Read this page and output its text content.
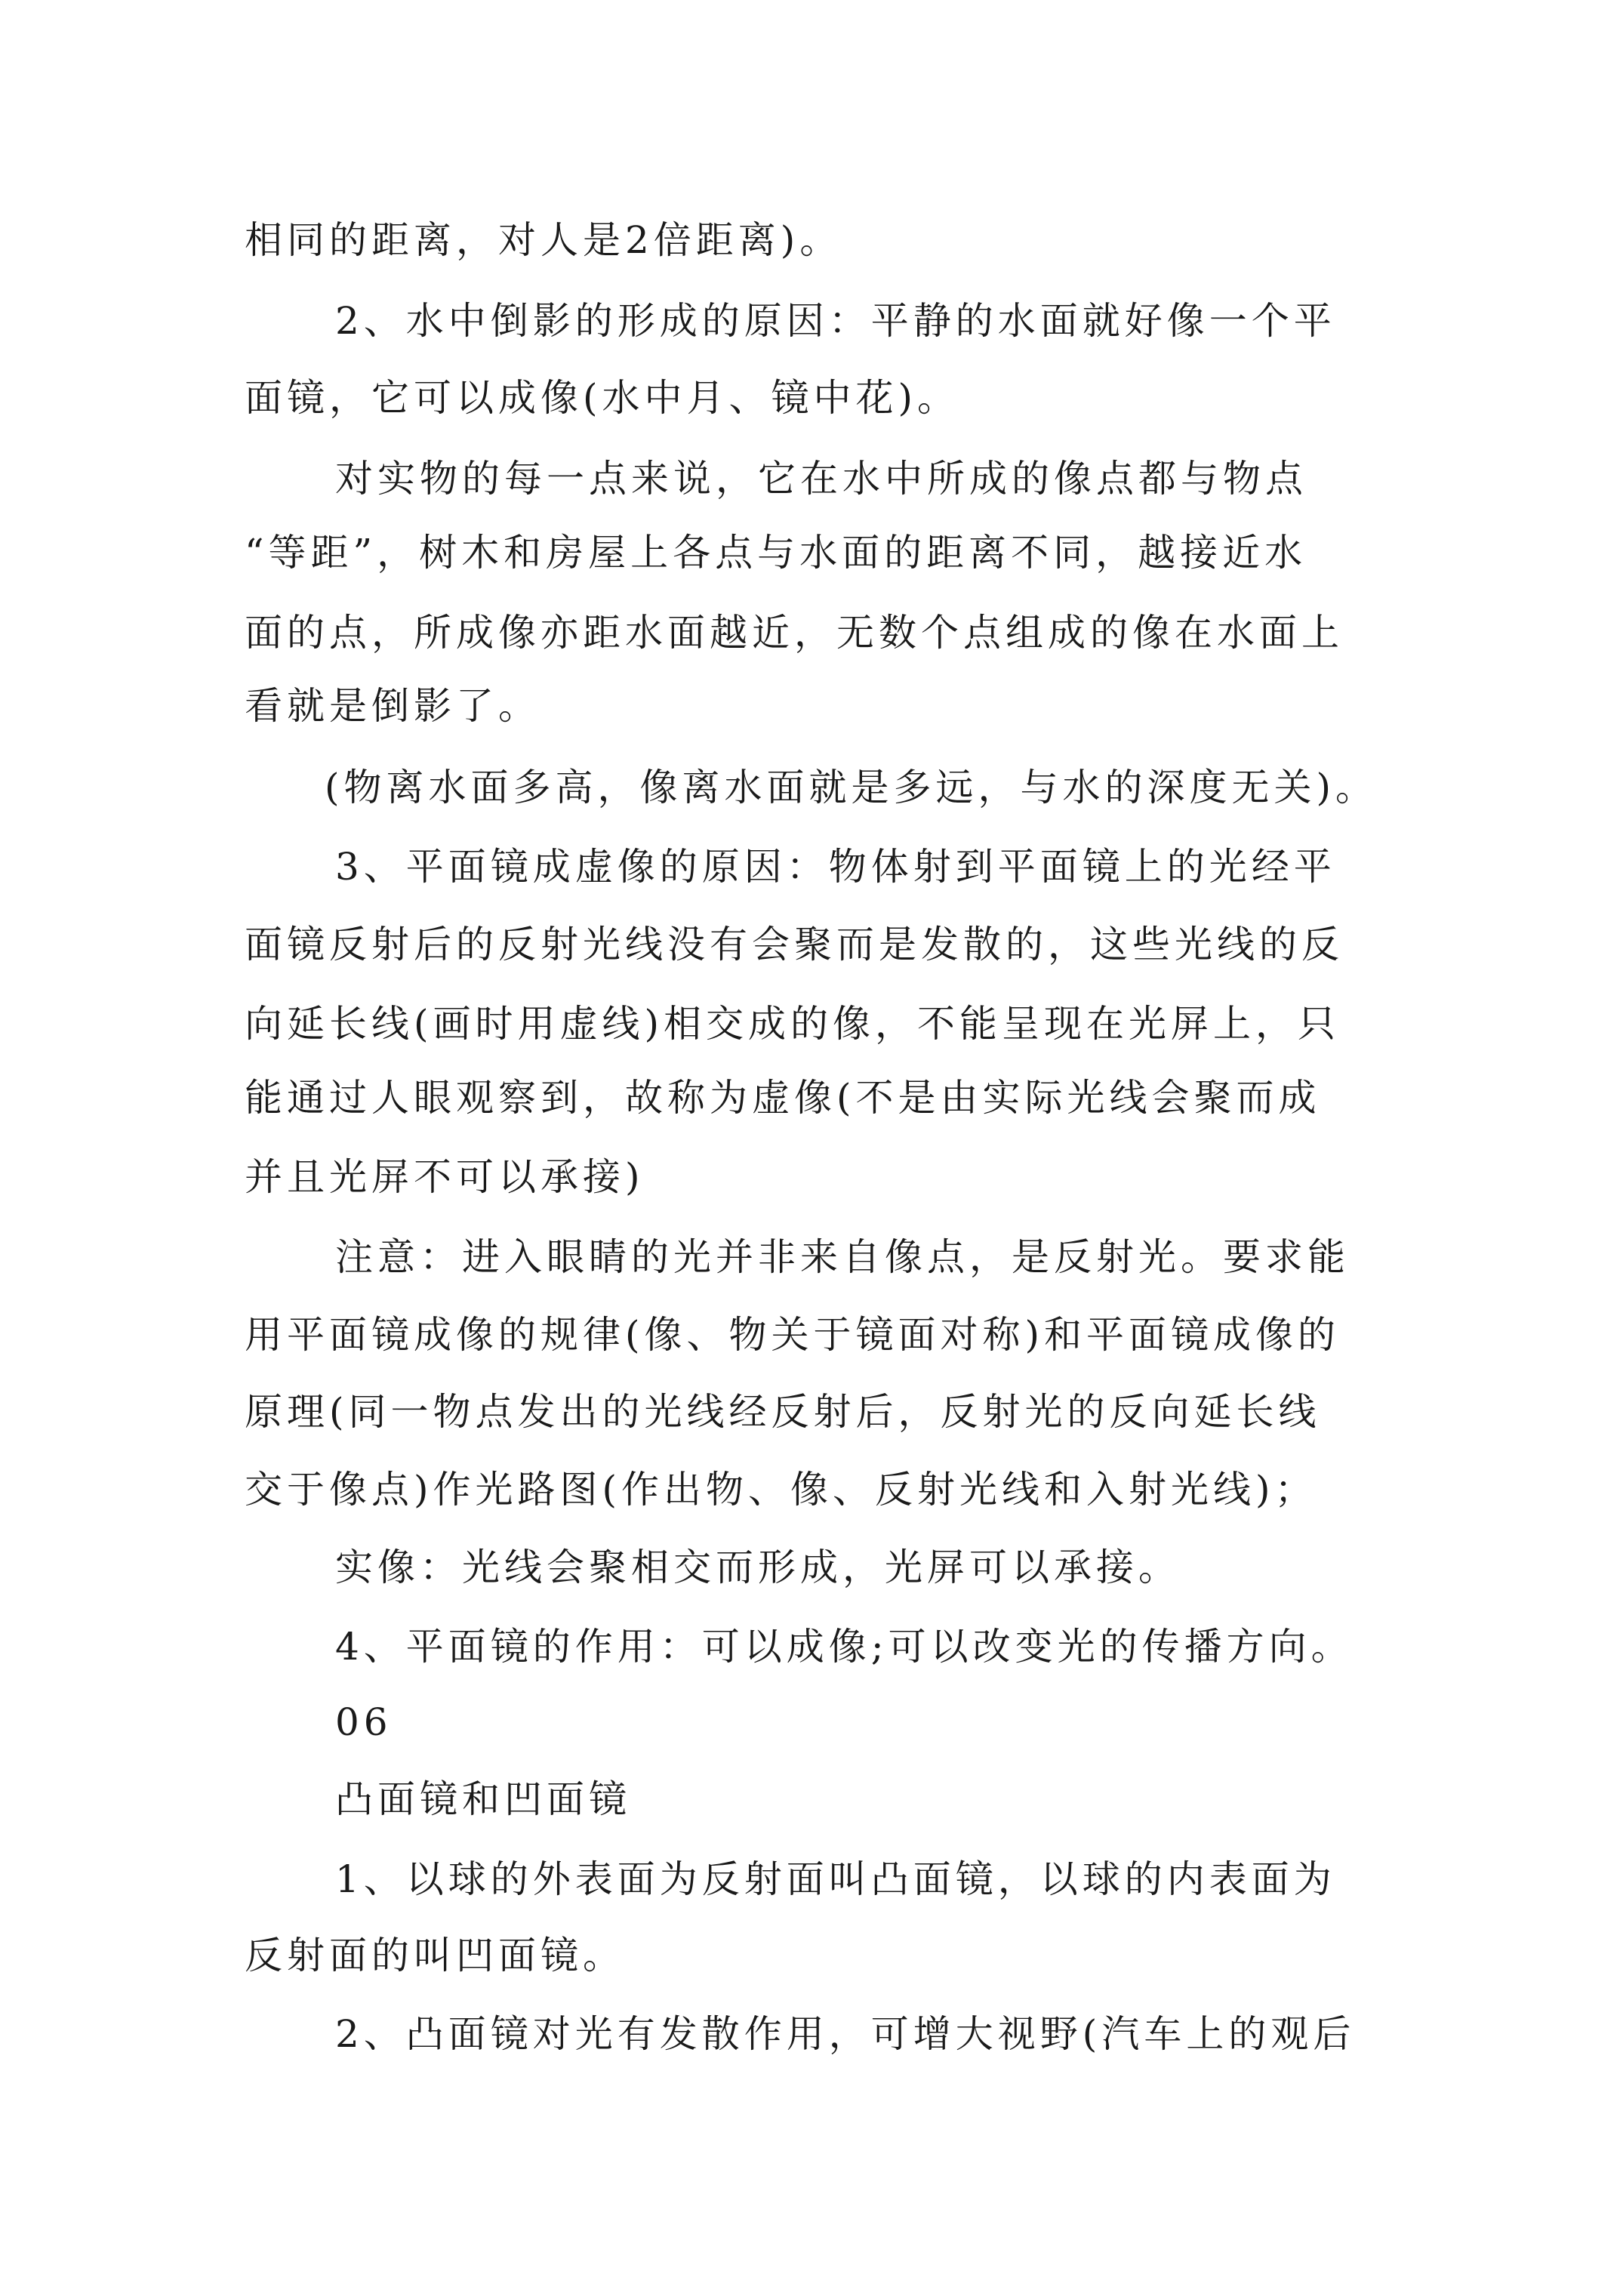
相同的距离，对人是2倍距离)。
2、水中倒影的形成的原因：平静的水面就好像一个平
面镜，它可以成像(水中月、镜中花)。
对实物的每一点来说，它在水中所成的像点都与物点
“等距”，树木和房屋上各点与水面的距离不同，越接近水
面的点，所成像亦距水面越近，无数个点组成的像在水面上
看就是倒影了。
(物离水面多高，像离水面就是多远，与水的深度无关)。
3、平面镜成虚像的原因：物体射到平面镜上的光经平
面镜反射后的反射光线没有会聚而是发散的，这些光线的反
向延长线(画时用虚线)相交成的像，不能呈现在光屏上，只
能通过人眼观察到，故称为虚像(不是由实际光线会聚而成
并且光屏不可以承接)
注意：进入眼睛的光并非来自像点，是反射光。要求能
用平面镜成像的规律(像、物关于镜面对称)和平面镜成像的
原理(同一物点发出的光线经反射后，反射光的反向延长线
交于像点)作光路图(作出物、像、反射光线和入射光线)；
实像：光线会聚相交而形成，光屏可以承接。
4、平面镜的作用：可以成像;可以改变光的传播方向。
06
凸面镜和凹面镜
1、以球的外表面为反射面叫凸面镜，以球的内表面为
反射面的叫凹面镜。
2、凸面镜对光有发散作用，可增大视野(汽车上的观后
